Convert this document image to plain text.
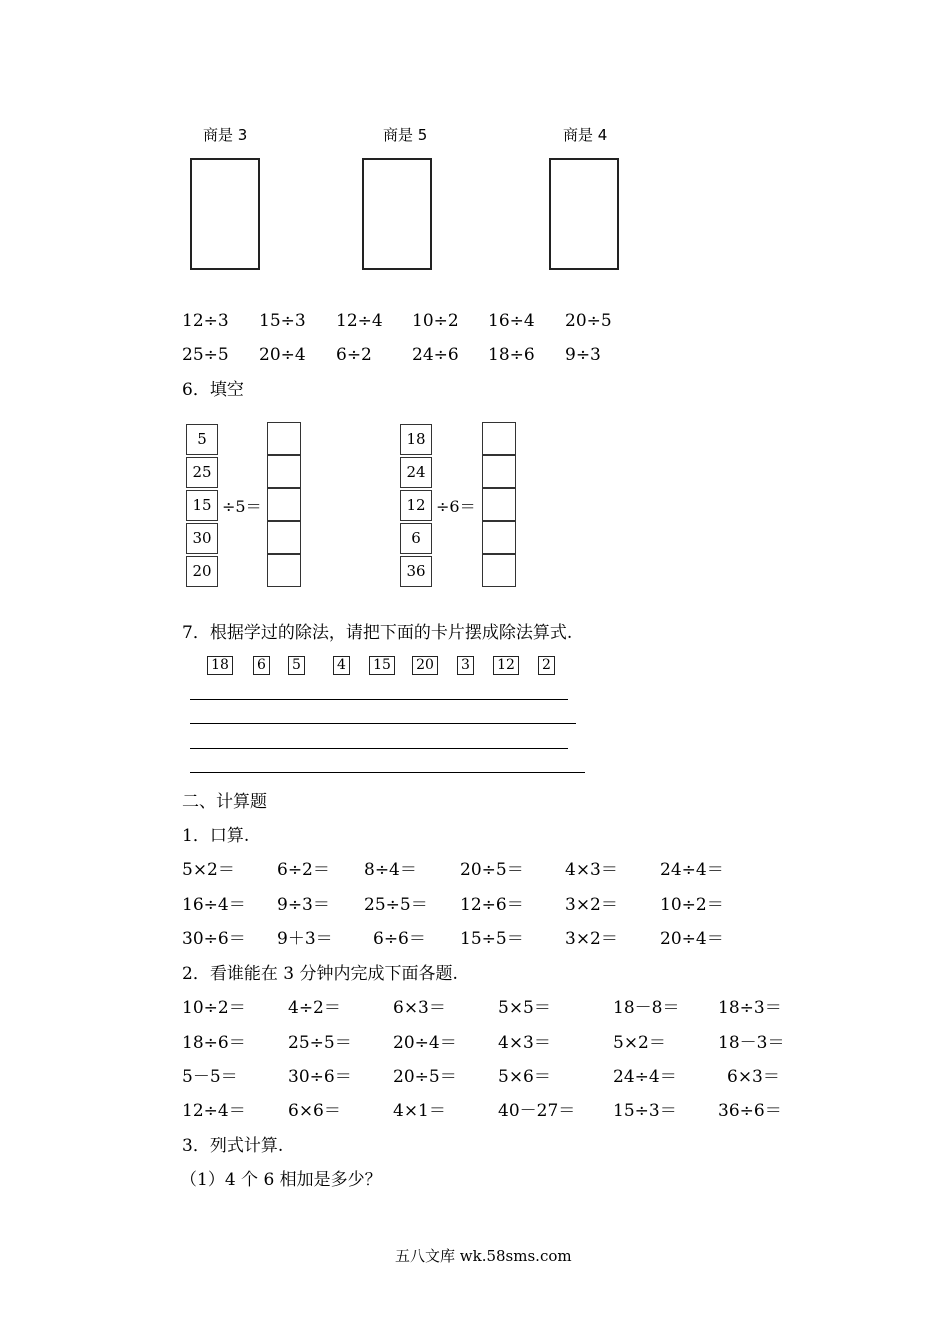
商是 3	商是 5	商是 4
12÷3 15÷3 12÷4 10÷2 16÷4 20÷5
25÷5 20÷4 6÷2 24÷6 18÷6 9÷3
6．填空
5
25
15
30
20
÷5＝
18
24
12
6
36
÷6＝
7．根据学过的除法，请把下面的卡片摆成除法算式.
18 6 5	4 15 20 3 12 2
二、计算题
1．口算.
5×2＝ 6÷2＝ 8÷4＝	20÷5＝ 4×3＝ 24÷4＝
16÷4＝ 9÷3＝ 25÷5＝ 12÷6＝ 3×2＝ 10÷2＝
30÷6＝ 9＋3＝ 6÷6＝ 15÷5＝ 3×2＝ 20÷4＝
2．看谁能在 3 分钟内完成下面各题.
10÷2＝ 4÷2＝	6×3＝	5×5＝	18－8＝ 18÷3＝
18÷6＝ 25÷5＝ 20÷4＝ 4×3＝	5×2＝	18－3＝
5－5＝	30÷6＝ 20÷5＝ 5×6＝	24÷4＝	6×3＝
12÷4＝ 6×6＝	4×1＝	40－27＝ 15÷3＝ 36÷6＝
3．列式计算.
（1）4 个 6 相加是多少？
五八文库 wk.58sms.com
